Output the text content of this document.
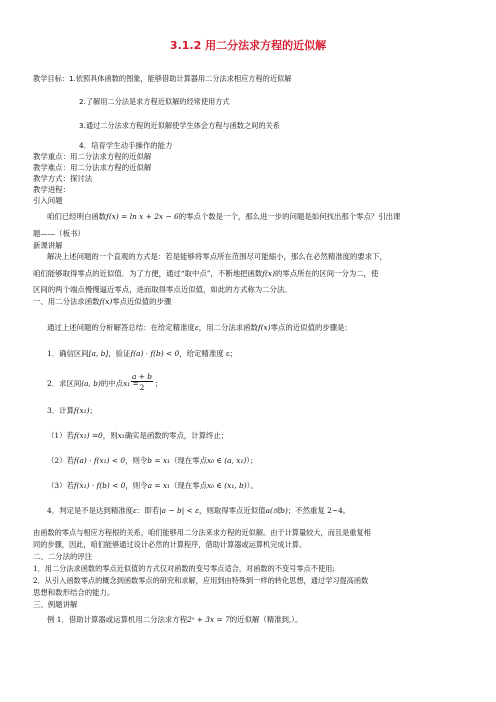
3.1.2 用二分法求方程的近似解
教学目标：1.依照具体函数的图象，能够借助计算器用二分法求相应方程的近似解
2.了解用二分法是求方程近似解的经常使用方式
3.通过二分法求方程的近似解使学生体会方程与函数之间的关系
4．培育学生动手操作的能力
教学重点：用二分法求方程的近似解
教学难点：用二分法求方程的近似解
教学方式：探讨法
教学进程：
引入问题
咱们已经明白函数f(x) = ln x + 2x − 6的零点个数是一个，那么进一步的问题是如何找出那个零点？引出课
题——（板书）
新课讲解
解决上述问题的一个直观的方式是：若是能够将零点所在范围尽可能缩小，那么在必然精准度的要求下，
咱们能够取得零点的近似值．为了方便，通过“取中点”，不断地把函数f(x)的零点所在的区间一分为二，使
区间的两个端点慢慢逼近零点，进而取得零点近似值，如此的方式称为二分法。
一、用二分法求函数f(x)零点近似值的步骤
通过上述问题的分析解答总结：在给定精准度ε，用二分法求函数f(x)零点的近似值的步骤是：
1．确信区间[a, b]，验证f(a) · f(b) < 0，给定精准度 ε；
2．求区间(a, b)的中点x₁ =
a + b
2	；
3．计算f(x₁)；
（1）若f(x₁) =0，则x₁确实是函数的零点，计算终止；
（2）若f(a) · f(x₁) < 0，则令b = x₁（现在零点x₀ ∈ (a, x₁)）；
（3）若f(x₁) · f(b) < 0，则令a = x₁（现在零点x₀ ∈ (x₁, b)）。
4．判定是不是达到精准度ε：即若|a − b| < ε，则取得零点近似值a(或b)；不然重复 2~4。
由函数的零点与相应方程根的关系，咱们能够用二分法来求方程的近似解。由于计算量较大，而且是重复相
同的步骤，因此，咱们能够通过设计必然的计算程序，借助计算器或运算机完成计算。
二、二分法的评注
1．用二分法求函数的零点近似值的方式仅对函数的变号零点适合，对函数的不变号零点不使用;
2．从引入函数零点的概念到函数零点的研究和求解，应用到由特殊到一样的转化思想，通过学习提高函数
思想和数形结合的能力。
三、例题讲解
例 1．借助计算器或运算机用二分法求方程2ˣ + 3x = 7的近似解（精准到,）。
